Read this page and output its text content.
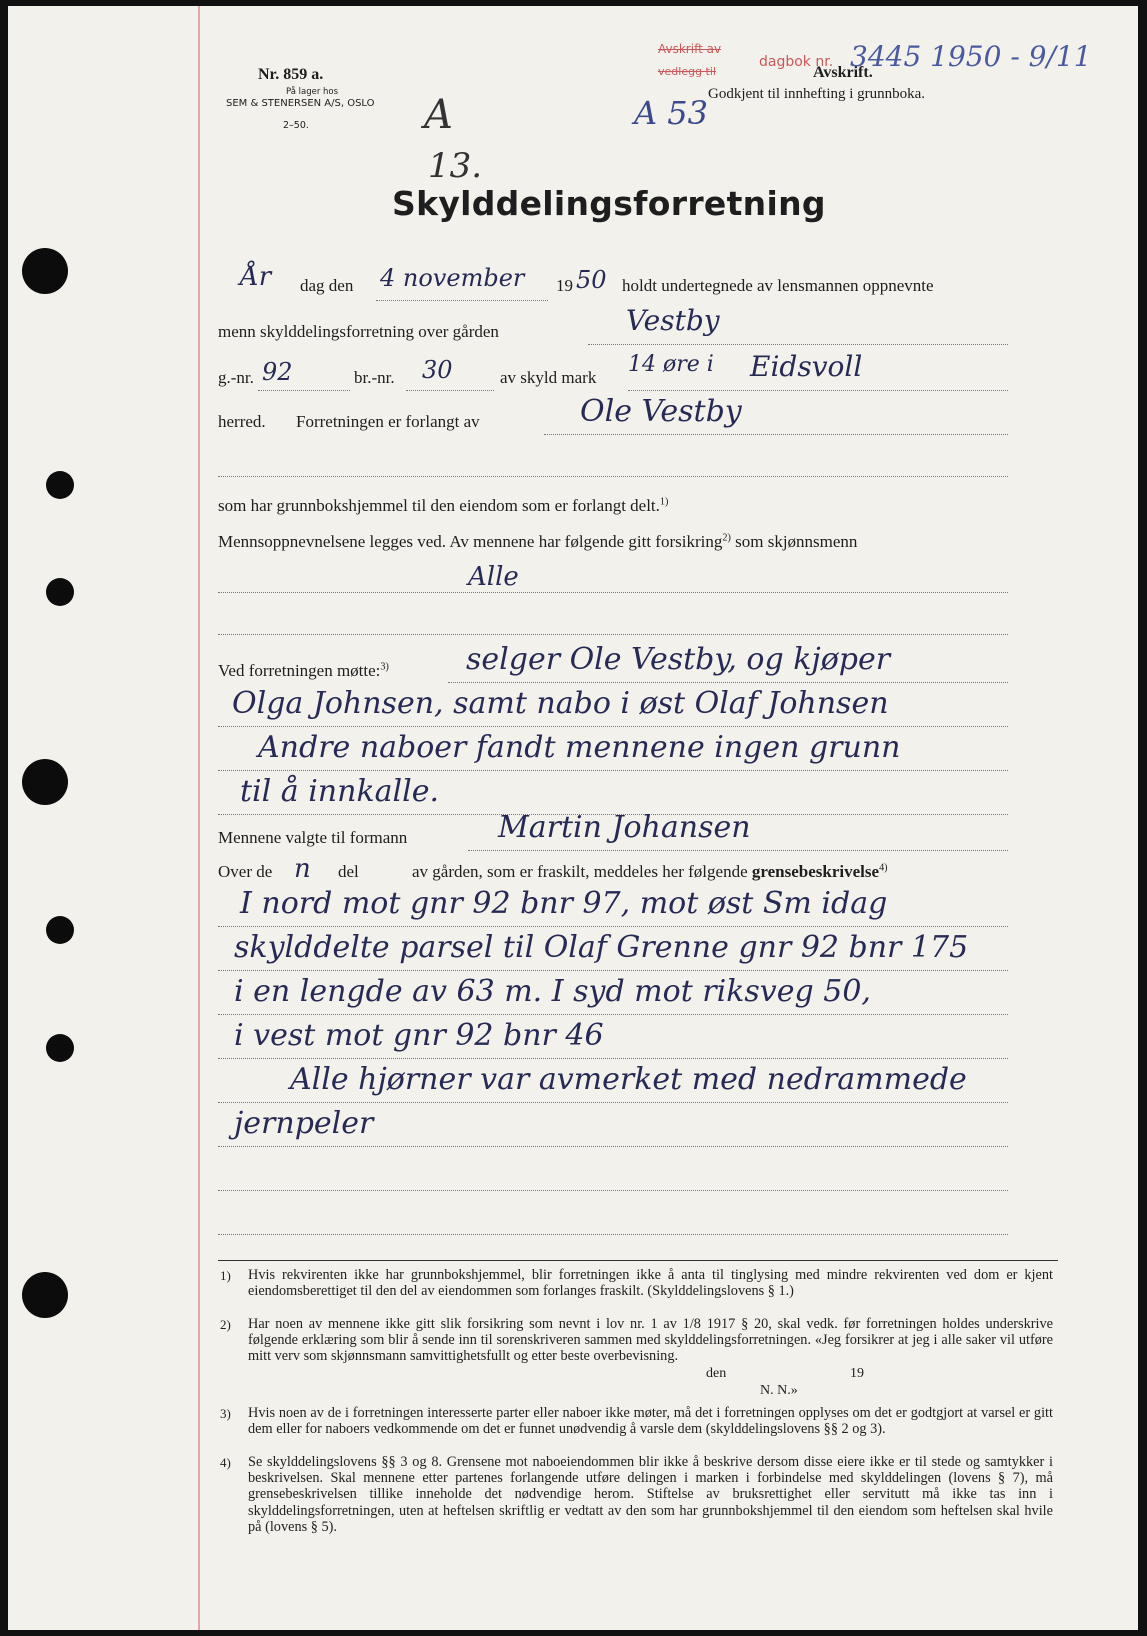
Nr. 859 a.
På lager hos
SEM & STENERSEN A/S, OSLO
2–50.	A
13.
A 53
Avskrift av
vedlegg til
dagbok nr.
Avskrift.
Godkjent til innhefting i grunnboka.
3445 1950 - 9/11
Skylddelingsforretning
År dag den 4 november 19 50 holdt undertegnede av lensmannen oppnevnte
menn skylddelingsforretning over gården	Vestby
g.-nr. 92	br.-nr. 30	av skyld mark
14 øre i Eidsvoll
herred. Forretningen er forlangt av	Ole Vestby
som har grunnbokshjemmel til den eiendom som er forlangt delt.$^{1)}$
Mennsoppnevnelsene legges ved. Av mennene har følgende gitt forsikring$^{2)}$ som skjønnsmenn
Alle
Ved forretningen møtte:$^{3)}$	selger Ole Vestby, og kjøper
Olga Johnsen, samt nabo i øst Olaf Johnsen
Andre naboer fandt mennene ingen grunn
til å innkalle.
Mennene valgte til formann	Martin Johansen
Over de n del	av gården, som er fraskilt, meddeles her følgende grensebeskrivelse$^{4)}$
I nord mot gnr 92 bnr 97, mot øst Sm idag
skylddelte parsel til Olaf Grenne gnr 92 bnr 175
i en lengde av 63 m. I syd mot riksveg 50,
i vest mot gnr 92 bnr 46
Alle hjørner var avmerket med nedrammede
jernpeler
1) Hvis rekvirenten ikke har grunnbokshjemmel, blir forretningen ikke å anta til tinglysing med mindre rekvirenten ved dom er kjent eiendomsberettiget til den del av eiendommen som forlanges fraskilt. (Skylddelingslovens § 1.)
2) Har noen av mennene ikke gitt slik forsikring som nevnt i lov nr. 1 av 1/8 1917 § 20, skal vedk. før forretningen holdes underskrive følgende erklæring som blir å sende inn til sorenskriveren sammen med skylddelingsforretningen. «Jeg forsikrer at jeg i alle saker vil utføre mitt verv som skjønnsmann samvittighetsfullt og etter beste overbevisning.
den	19
N. N.»
3) Hvis noen av de i forretningen interesserte parter eller naboer ikke møter, må det i forretningen opplyses om det er godtgjort at varsel er gitt dem eller for naboers vedkommende om det er funnet unødvendig å varsle dem (skylddelingslovens §§ 2 og 3).
4) Se skylddelingslovens §§ 3 og 8. Grensene mot naboeiendommen blir ikke å beskrive dersom disse eiere ikke er til stede og samtykker i beskrivelsen. Skal mennene etter partenes forlangende utføre delingen i marken i forbindelse med skylddelingen (lovens § 7), må grensebeskrivelsen tillike inneholde det nødvendige herom. Stiftelse av bruksrettighet eller servitutt må ikke tas inn i skylddelingsforretningen, uten at heftelsen skriftlig er vedtatt av den som har grunnbokshjemmel til den eiendom som heftelsen skal hvile på (lovens § 5).
